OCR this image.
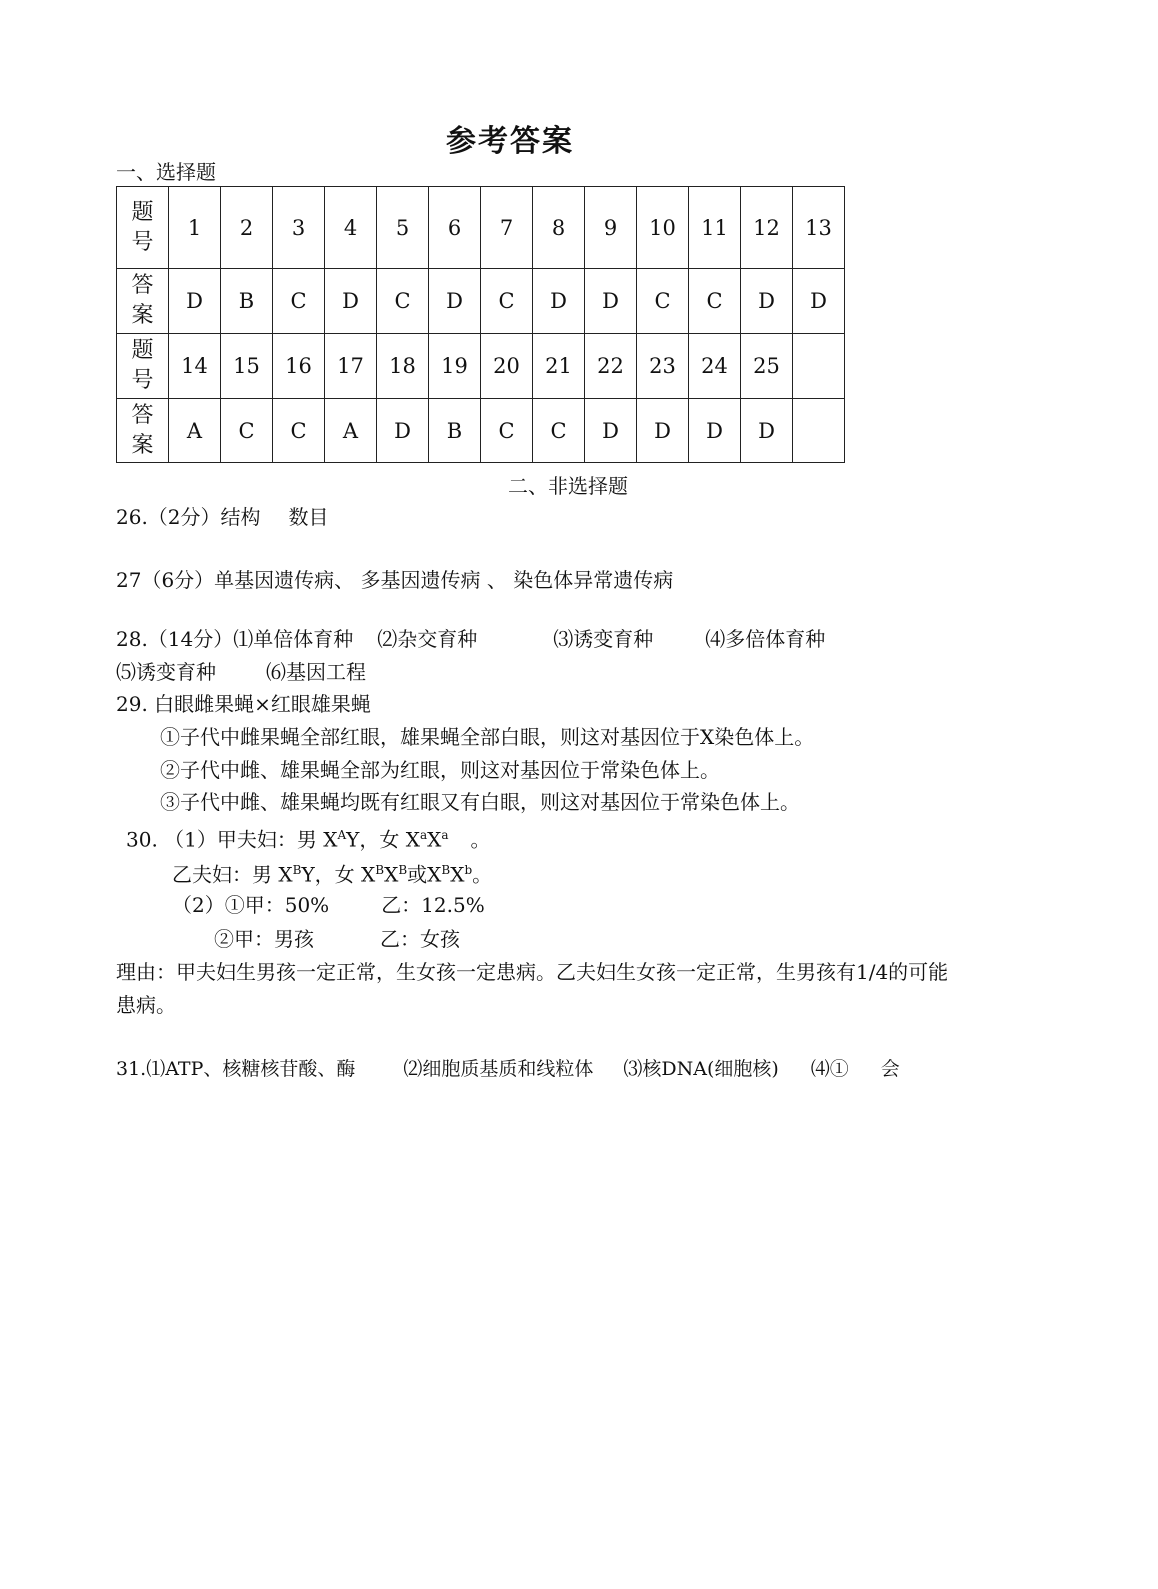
参考答案
一、选择题
题
号	1	2	3	4	5	6	7	8	9	10	11	12	13
答
案	D	B	C	D	C	D	C	D	D	C	C	D	D
题
号	14	15	16	17	18	19	20	21	22	23	24	25	
答
案	A	C	C	A	D	B	C	C	D	D	D	D	
二、非选择题
26.（2分）结构 数目
27（6分）单基因遗传病、 多基因遗传病 、 染色体异常遗传病
28.（14分）⑴单倍体育种 ⑵杂交育种	⑶诱变育种	⑷多倍体育种
⑸诱变育种	⑹基因工程
29. 白眼雌果蝇×红眼雄果蝇
①子代中雌果蝇全部红眼，雄果蝇全部白眼，则这对基因位于X染色体上。
②子代中雌、雄果蝇全部为红眼，则这对基因位于常染色体上。
③子代中雌、雄果蝇均既有红眼又有白眼，则这对基因位于常染色体上。
30. （1）甲夫妇：男 $X^AY$，女 $X^aX^a$ 。
乙夫妇：男 $X^BY$，女 $X^BX^B$或$X^BX^b$。
（2）①甲：50%	乙：12.5%
②甲：男孩	乙：女孩
理由：甲夫妇生男孩一定正常，生女孩一定患病。乙夫妇生女孩一定正常，生男孩有1/4的可能
患病。
31.⑴ATP、核糖核苷酸、酶	⑵细胞质基质和线粒体 ⑶核DNA(细胞核) ⑷① 会
